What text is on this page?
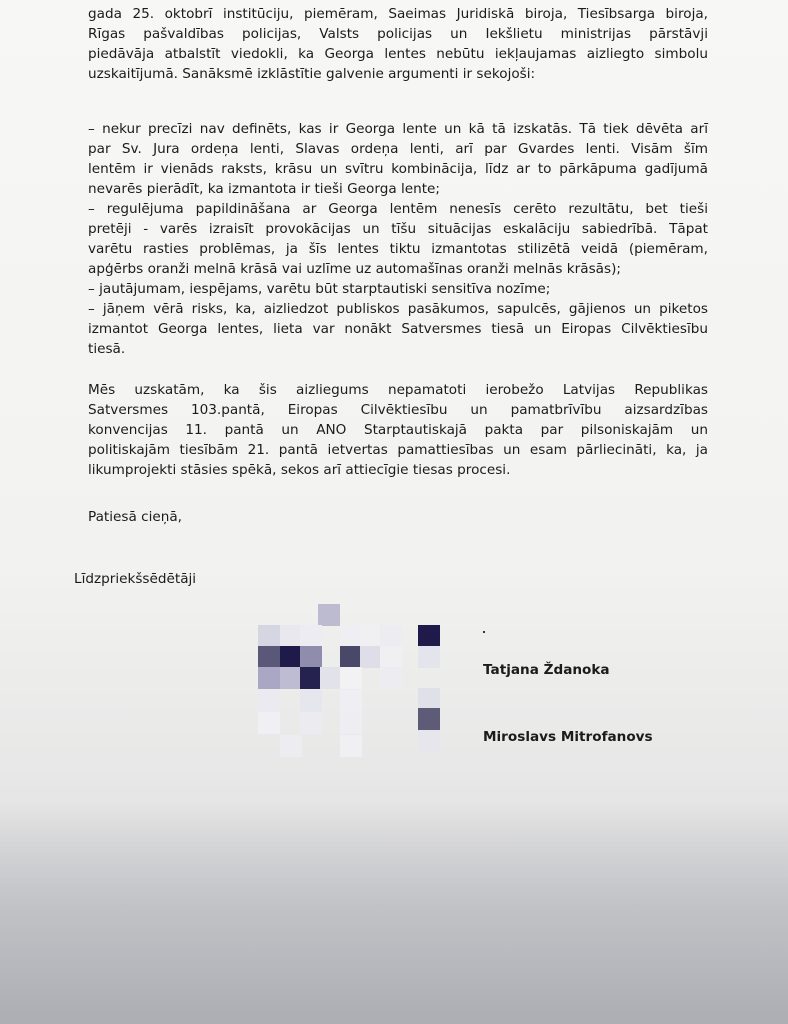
gada 25. oktobrī institūciju, piemēram, Saeimas Juridiskā biroja, Tiesībsarga biroja,
Rīgas pašvaldības policijas, Valsts policijas un Iekšlietu ministrijas pārstāvji
piedāvāja atbalstīt viedokli, ka Georga lentes nebūtu iekļaujamas aizliegto simbolu
uzskaitījumā. Sanāksmē izklāstītie galvenie argumenti ir sekojoši:
– nekur precīzi nav definēts, kas ir Georga lente un kā tā izskatās. Tā tiek dēvēta arī
par Sv. Jura ordeņa lenti, Slavas ordeņa lenti, arī par Gvardes lenti. Visām šīm
lentēm ir vienāds raksts, krāsu un svītru kombinācija, līdz ar to pārkāpuma gadījumā
nevarēs pierādīt, ka izmantota ir tieši Georga lente;
– regulējuma papildināšana ar Georga lentēm nenesīs cerēto rezultātu, bet tieši
pretēji - varēs izraisīt provokācijas un tīšu situācijas eskalāciju sabiedrībā. Tāpat
varētu rasties problēmas, ja šīs lentes tiktu izmantotas stilizētā veidā (piemēram,
apģērbs oranži melnā krāsā vai uzlīme uz automašīnas oranži melnās krāsās);
– jautājumam, iespējams, varētu būt starptautiski sensitīva nozīme;
– jāņem vērā risks, ka, aizliedzot publiskos pasākumos, sapulcēs, gājienos un piketos
izmantot Georga lentes, lieta var nonākt Satversmes tiesā un Eiropas Cilvēktiesību
tiesā.
Mēs uzskatām, ka šis aizliegums nepamatoti ierobežo Latvijas Republikas
Satversmes 103.pantā, Eiropas Cilvēktiesību un pamatbrīvību aizsardzības
konvencijas 11. pantā un ANO Starptautiskajā pakta par pilsoniskajām un
politiskajām tiesībām 21. pantā ietvertas pamattiesības un esam pārliecināti, ka, ja
likumprojekti stāsies spēkā, sekos arī attiecīgie tiesas procesi.
Patiesā cieņā,
Līdzpriekšsēdētāji
Tatjana Ždanoka
Miroslavs Mitrofanovs
